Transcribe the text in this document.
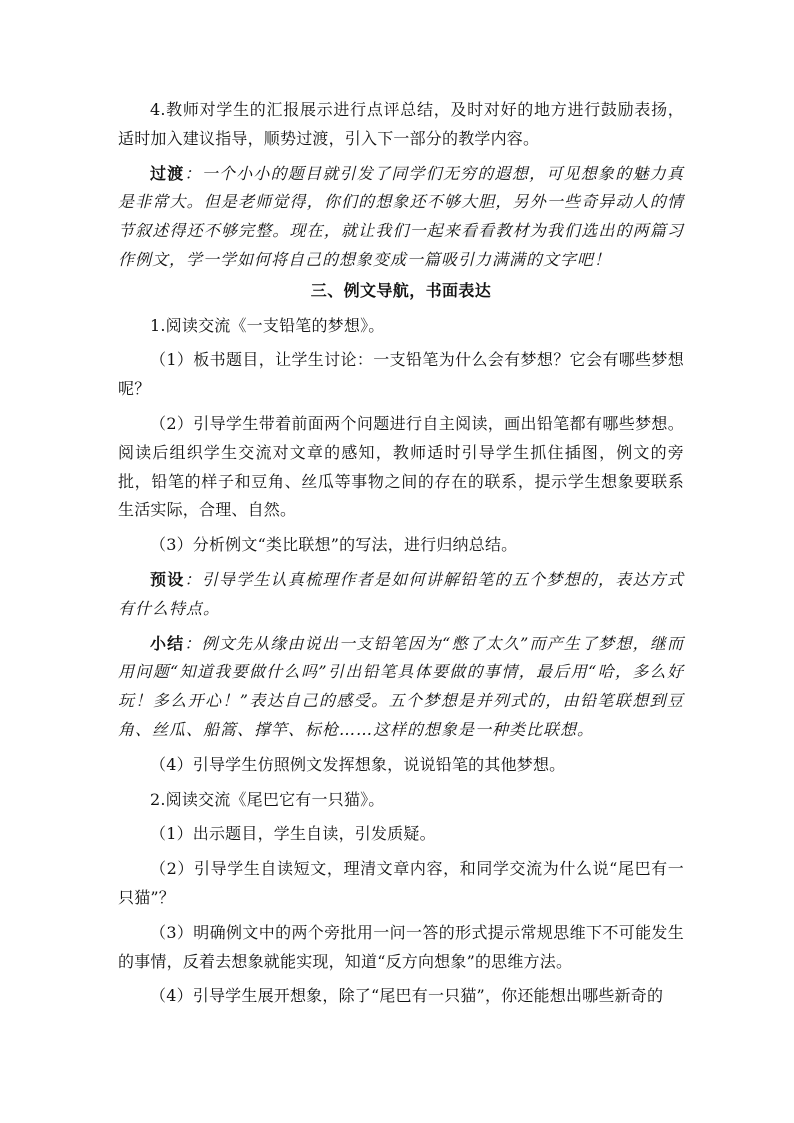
4.教师对学生的汇报展示进行点评总结，及时对好的地方进行鼓励表扬，适时加入建议指导，顺势过渡，引入下一部分的教学内容。

过渡：一个小小的题目就引发了同学们无穷的遐想，可见想象的魅力真是非常大。但是老师觉得，你们的想象还不够大胆，另外一些奇异动人的情节叙述得还不够完整。现在，就让我们一起来看看教材为我们选出的两篇习作例文，学一学如何将自己的想象变成一篇吸引力满满的文字吧！

三、例文导航，书面表达

1.阅读交流《一支铅笔的梦想》。

（1）板书题目，让学生讨论：一支铅笔为什么会有梦想？它会有哪些梦想呢？

（2）引导学生带着前面两个问题进行自主阅读，画出铅笔都有哪些梦想。阅读后组织学生交流对文章的感知，教师适时引导学生抓住插图，例文的旁批，铅笔的样子和豆角、丝瓜等事物之间的存在的联系，提示学生想象要联系生活实际，合理、自然。

（3）分析例文“类比联想”的写法，进行归纳总结。

预设：引导学生认真梳理作者是如何讲解铅笔的五个梦想的，表达方式有什么特点。

小结：例文先从缘由说出一支铅笔因为“憋了太久”而产生了梦想，继而用问题“知道我要做什么吗”引出铅笔具体要做的事情，最后用“哈，多么好玩！多么开心！”表达自己的感受。五个梦想是并列式的，由铅笔联想到豆角、丝瓜、船篙、撑竿、标枪……这样的想象是一种类比联想。

（4）引导学生仿照例文发挥想象，说说铅笔的其他梦想。

2.阅读交流《尾巴它有一只猫》。

（1）出示题目，学生自读，引发质疑。

（2）引导学生自读短文，理清文章内容，和同学交流为什么说“尾巴有一只猫”？

（3）明确例文中的两个旁批用一问一答的形式提示常规思维下不可能发生的事情，反着去想象就能实现，知道“反方向想象”的思维方法。

（4）引导学生展开想象，除了“尾巴有一只猫”，你还能想出哪些新奇的
